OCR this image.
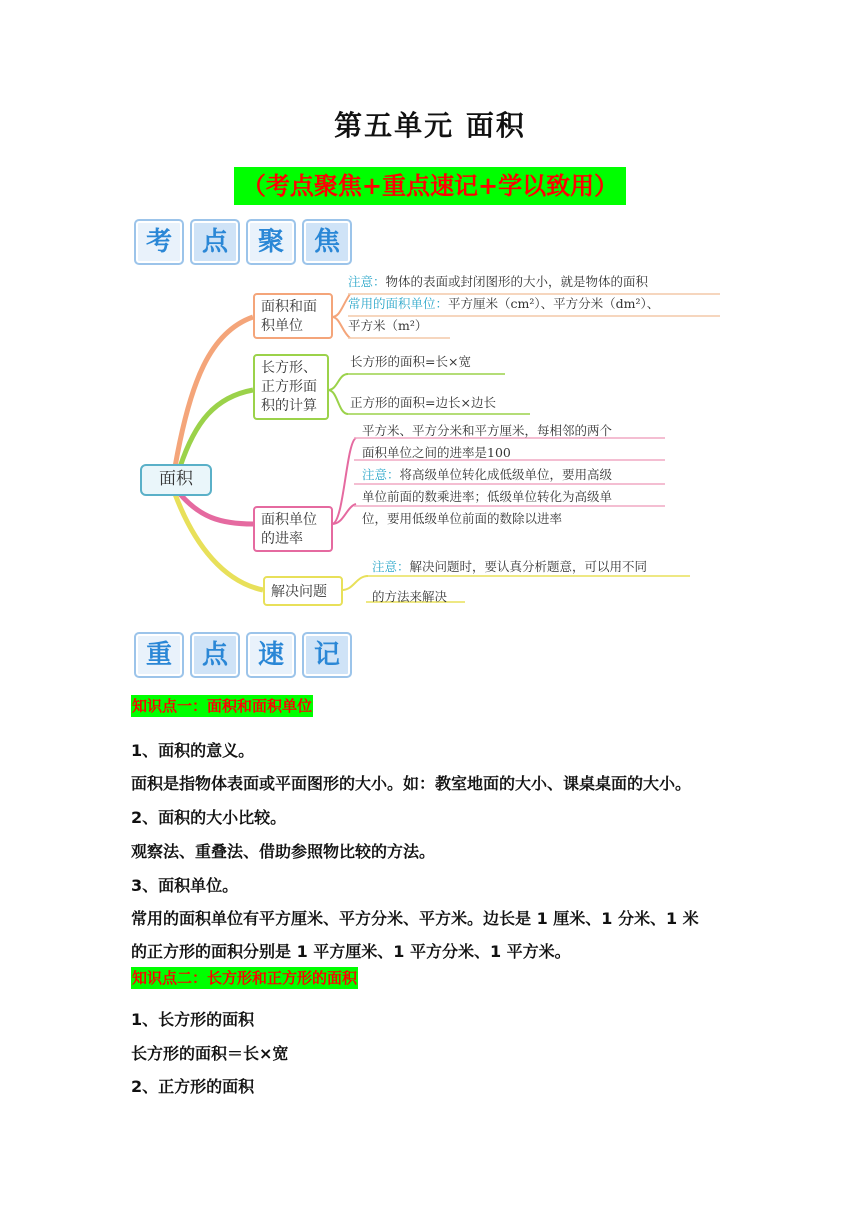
第五单元 面积
（考点聚焦+重点速记+学以致用）
考	点	聚	焦
面积
面积和面积单位
长方形、正方形面积的计算
面积单位的进率
解决问题
注意：物体的表面或封闭图形的大小，就是物体的面积
常用的面积单位：平方厘米（cm²）、平方分米（dm²）、
平方米（m²）
长方形的面积=长×宽
正方形的面积=边长×边长
平方米、平方分米和平方厘米，每相邻的两个
面积单位之间的进率是100
注意：将高级单位转化成低级单位，要用高级
单位前面的数乘进率；低级单位转化为高级单
位，要用低级单位前面的数除以进率
注意：解决问题时，要认真分析题意，可以用不同
的方法来解决
重	点	速	记
知识点一：面积和面积单位
1、面积的意义。
面积是指物体表面或平面图形的大小。如：教室地面的大小、课桌桌面的大小。
2、面积的大小比较。
观察法、重叠法、借助参照物比较的方法。
3、面积单位。
常用的面积单位有平方厘米、平方分米、平方米。边长是 1 厘米、1 分米、1 米
的正方形的面积分别是 1 平方厘米、1 平方分米、1 平方米。
知识点二：长方形和正方形的面积
1、长方形的面积
长方形的面积＝长×宽
2、正方形的面积
